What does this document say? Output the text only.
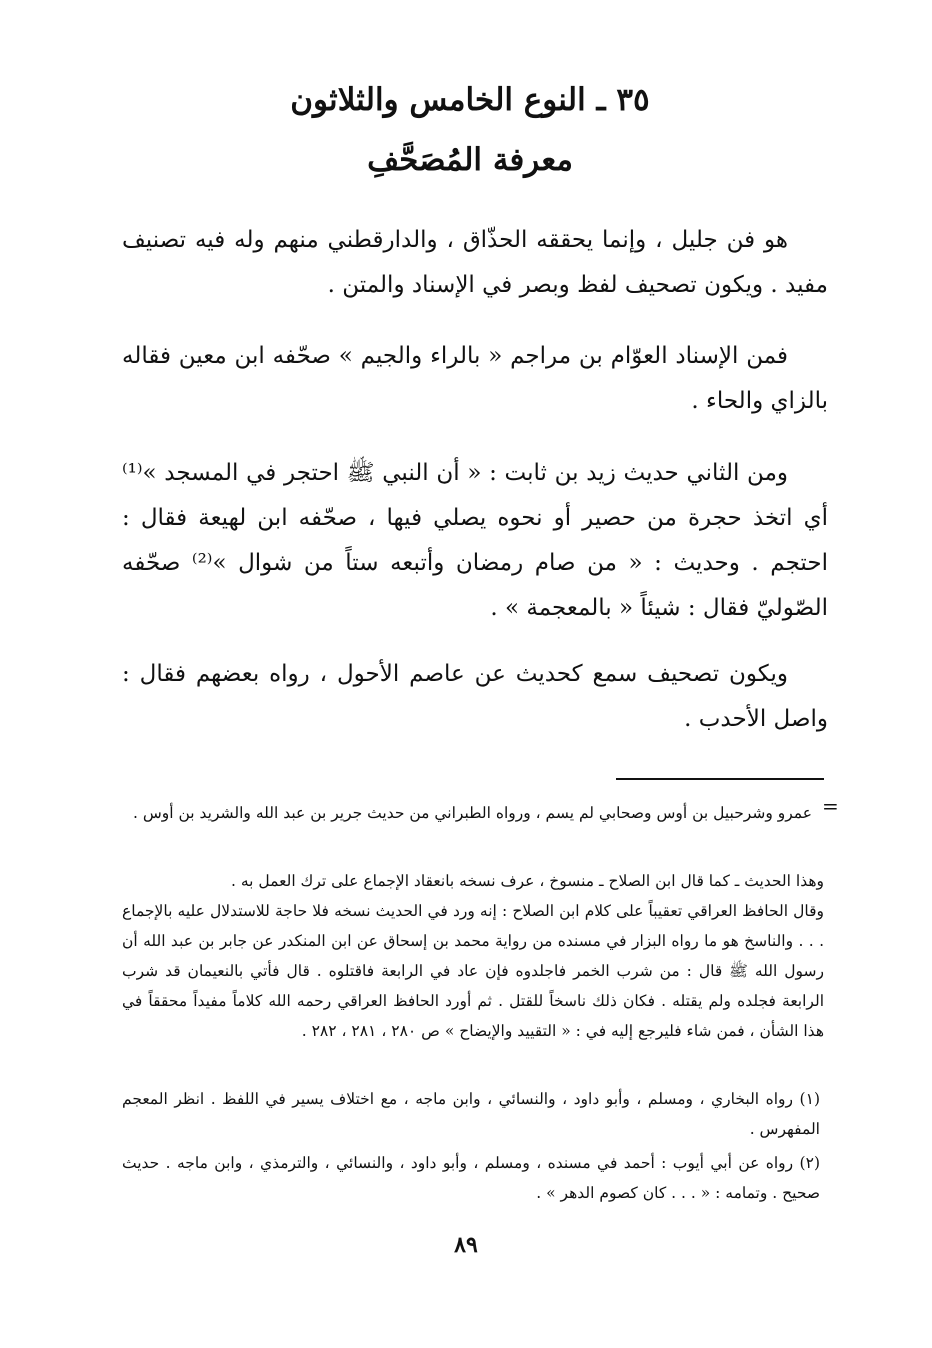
٣٥ ـ النوع الخامس والثلاثون
معرفة المُصَحَّفِ
هو فن جليل ، وإنما يحققه الحذّاق ، والدارقطني منهم وله فيه تصنيف مفيد . ويكون تصحيف لفظ وبصر في الإسناد والمتن .
فمن الإسناد العوّام بن مراجم « بالراء والجيم » صحّفه ابن معين فقاله بالزاي والحاء .
ومن الثاني حديث زيد بن ثابت : « أن النبي ﷺ احتجر في المسجد »⁽¹⁾ أي اتخذ حجرة من حصير أو نحوه يصلي فيها ، صحّفه ابن لهيعة فقال : احتجم . وحديث : « من صام رمضان وأتبعه ستاً من شوال »⁽²⁾ صحّفه الصّوليّ فقال : شيئاً « بالمعجمة » .
ويكون تصحيف سمع كحديث عن عاصم الأحول ، رواه بعضهم فقال : واصل الأحدب .
=
عمرو وشرحبيل بن أوس وصحابي لم يسم ، ورواه الطبراني من حديث جرير بن عبد الله والشريد بن أوس .
وهذا الحديث ـ كما قال ابن الصلاح ـ منسوخ ، عرف نسخه بانعقاد الإجماع على ترك العمل به .
وقال الحافظ العراقي تعقيباً على كلام ابن الصلاح : إنه ورد في الحديث نسخه فلا حاجة للاستدلال عليه بالإجماع . . . والناسخ هو ما رواه البزار في مسنده من رواية محمد بن إسحاق عن ابن المنكدر عن جابر بن عبد الله أن رسول الله ﷺ قال : من شرب الخمر فاجلدوه فإن عاد في الرابعة فاقتلوه . قال فأتي بالنعيمان قد شرب الرابعة فجلده ولم يقتله . فكان ذلك ناسخاً للقتل . ثم أورد الحافظ العراقي رحمه الله كلاماً مفيداً محققاً في هذا الشأن ، فمن شاء فليرجع إليه في : « التقييد والإيضاح » ص ٢٨٠ ، ٢٨١ ، ٢٨٢ .
(١) رواه البخاري ، ومسلم ، وأبو داود ، والنسائي ، وابن ماجه ، مع اختلاف يسير في اللفظ . انظر المعجم المفهرس .
(٢) رواه عن أبي أيوب : أحمد في مسنده ، ومسلم ، وأبو داود ، والنسائي ، والترمذي ، وابن ماجه . حديث صحيح . وتمامه : « . . . كان كصوم الدهر » .
٨٩
